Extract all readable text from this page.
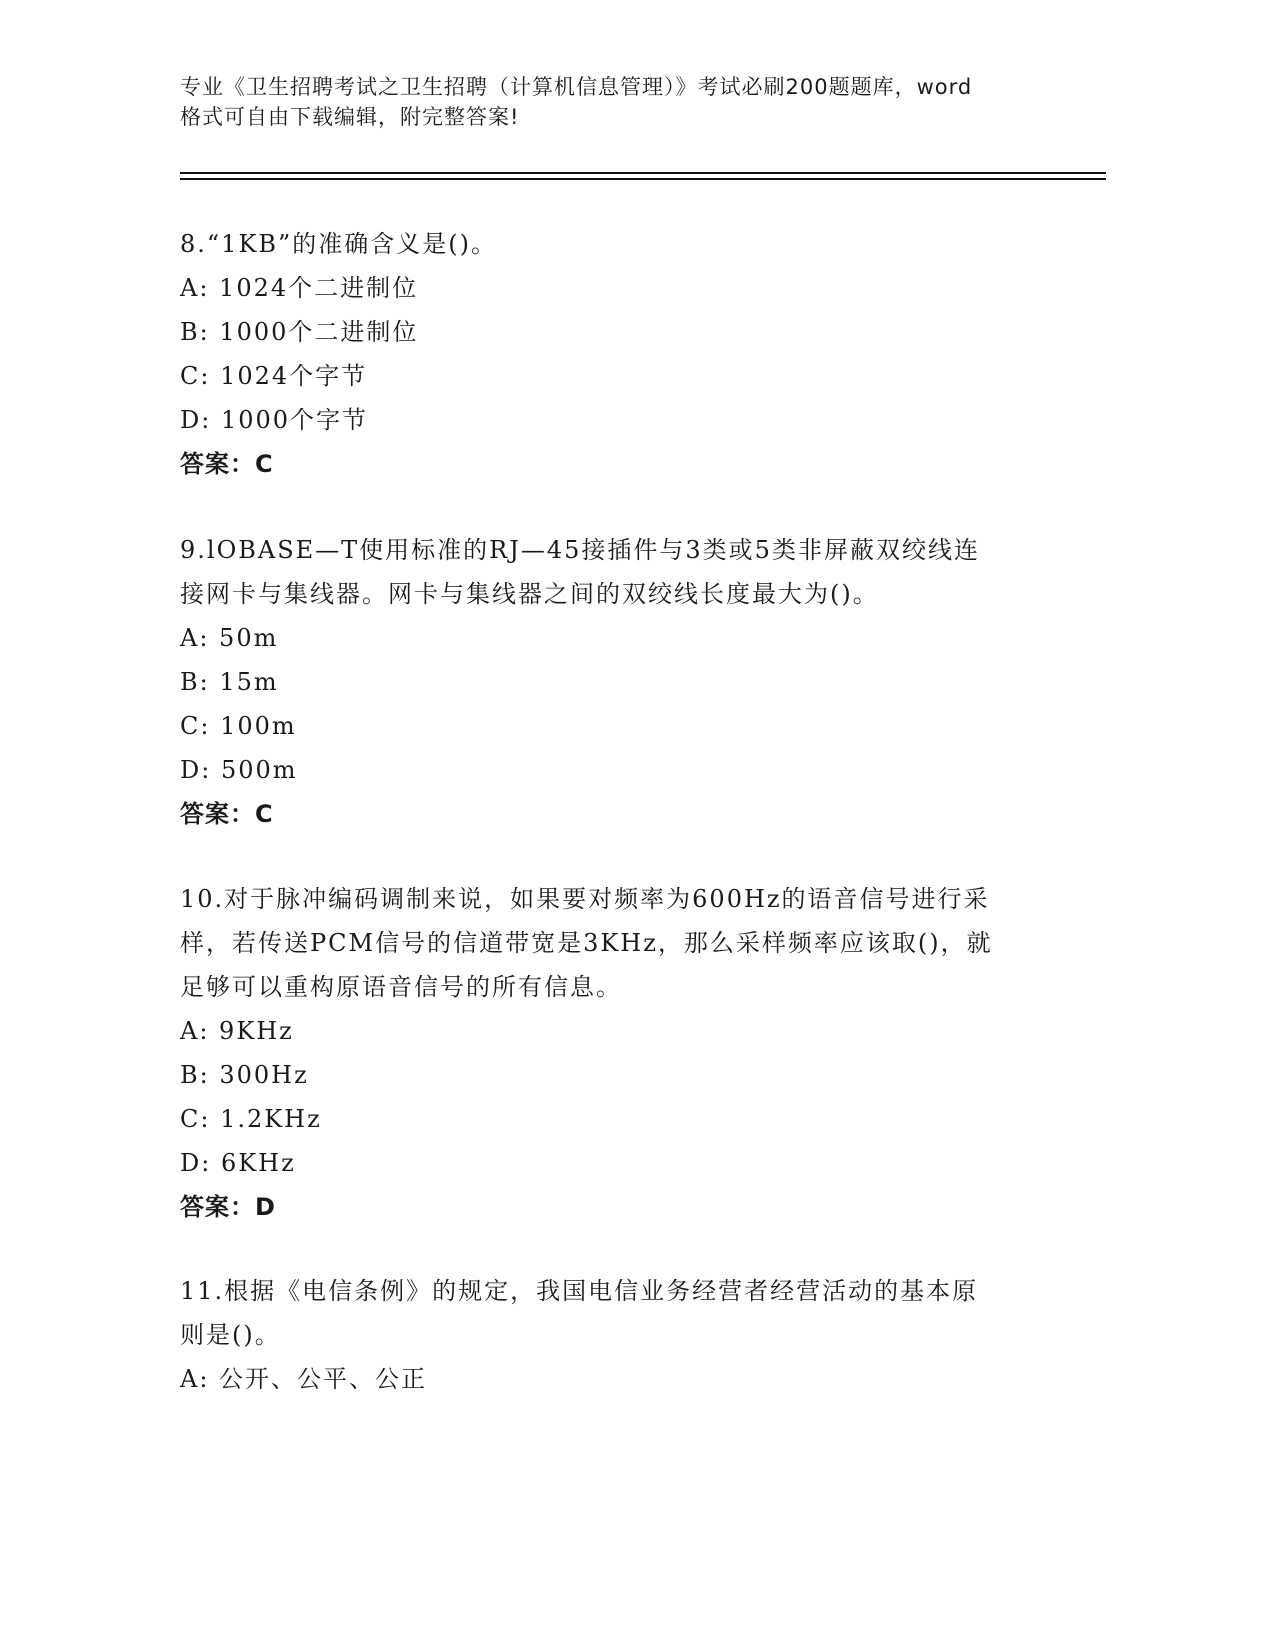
专业《卫生招聘考试之卫生招聘（计算机信息管理）》考试必刷200题题库，word
格式可自由下载编辑，附完整答案!

8.“1KB”的准确含义是()。

A: 1024个二进制位

B: 1000个二进制位

C: 1024个字节

D: 1000个字节

答案：C

9.lOBASE—T使用标准的RJ—45接插件与3类或5类非屏蔽双绞线连

接网卡与集线器。网卡与集线器之间的双绞线长度最大为()。

A: 50m

B: 15m

C: 100m

D: 500m

答案：C

10.对于脉冲编码调制来说，如果要对频率为600Hz的语音信号进行采

样，若传送PCM信号的信道带宽是3KHz，那么采样频率应该取()，就

足够可以重构原语音信号的所有信息。

A: 9KHz

B: 300Hz

C: 1.2KHz

D: 6KHz

答案：D

11.根据《电信条例》的规定，我国电信业务经营者经营活动的基本原

则是()。

A: 公开、公平、公正
